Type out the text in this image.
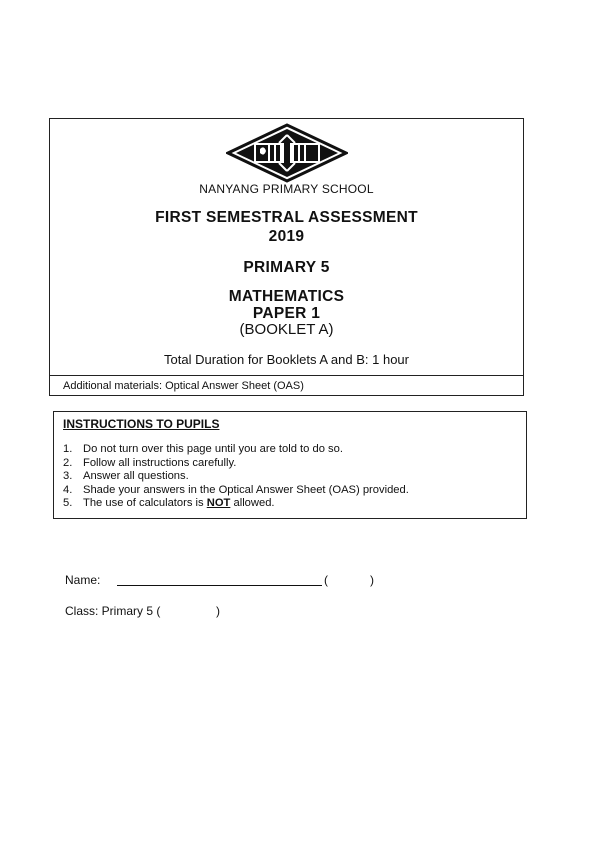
NANYANG PRIMARY SCHOOL
FIRST SEMESTRAL ASSESSMENT
2019
PRIMARY 5
MATHEMATICS
PAPER 1
(BOOKLET A)
Total Duration for Booklets A and B: 1 hour
Additional materials: Optical Answer Sheet (OAS)
INSTRUCTIONS TO PUPILS
1. Do not turn over this page until you are told to do so.
2. Follow all instructions carefully.
3. Answer all questions.
4. Shade your answers in the Optical Answer Sheet (OAS) provided.
5. The use of calculators is NOT allowed.
Name:	(	)
Class: Primary 5 (	)
